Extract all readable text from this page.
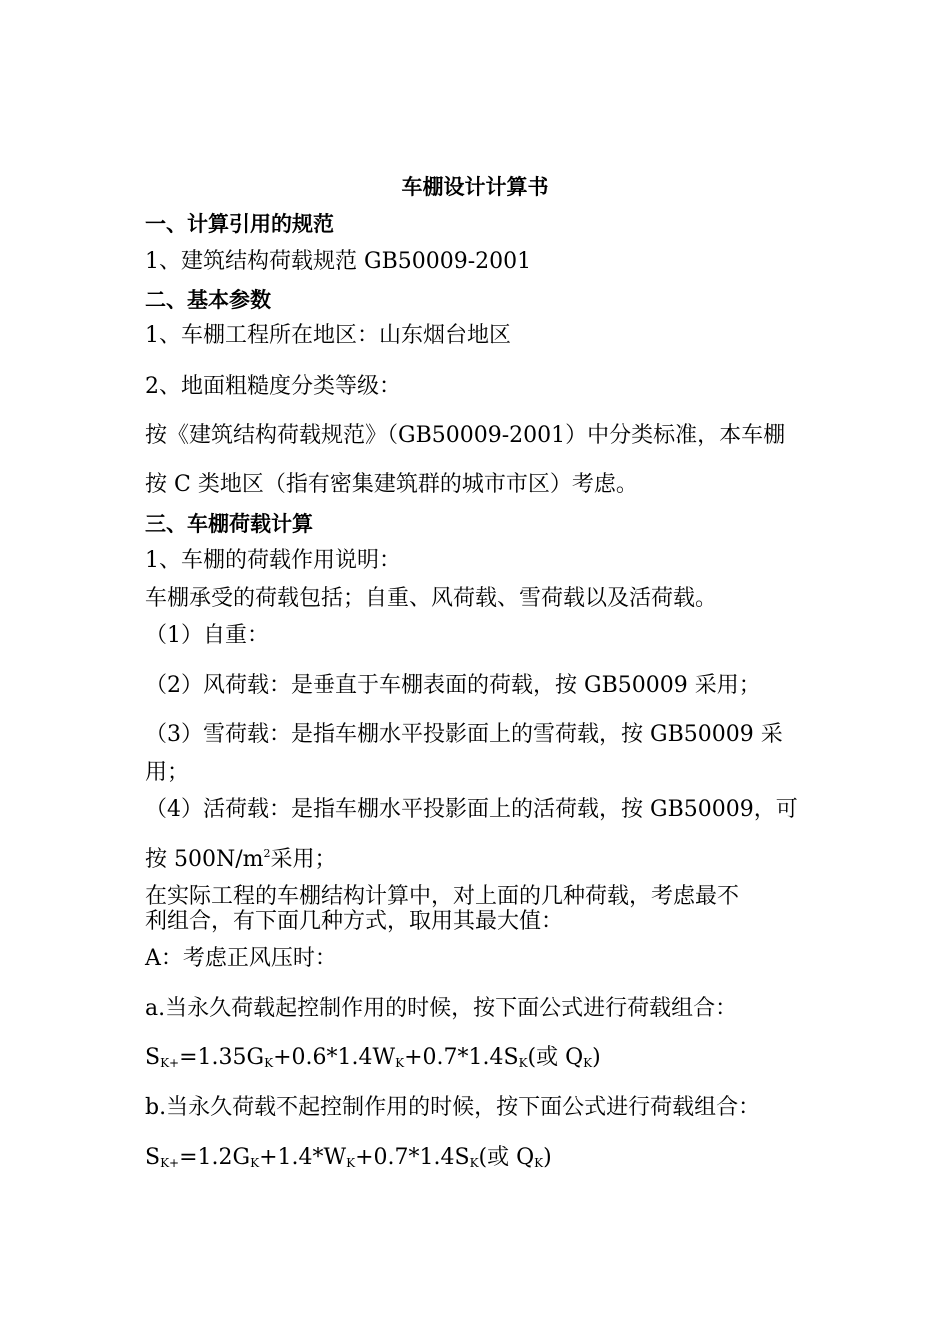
车棚设计计算书
一、计算引用的规范
1、建筑结构荷载规范 GB50009-2001
二、基本参数
1、车棚工程所在地区：山东烟台地区
2、地面粗糙度分类等级：
按《建筑结构荷载规范》（GB50009-2001）中分类标准，本车棚
按 C 类地区（指有密集建筑群的城市市区）考虑。
三、车棚荷载计算
1、车棚的荷载作用说明：
车棚承受的荷载包括；自重、风荷载、雪荷载以及活荷载。
（1）自重：
（2）风荷载：是垂直于车棚表面的荷载，按 GB50009 采用；
（3）雪荷载：是指车棚水平投影面上的雪荷载，按 GB50009 采
用；
（4）活荷载：是指车棚水平投影面上的活荷载，按 GB50009，可
按 $500N/m^2$采用；
在实际工程的车棚结构计算中，对上面的几种荷载，考虑最不
利组合，有下面几种方式，取用其最大值：
A：考虑正风压时：
a.当永久荷载起控制作用的时候，按下面公式进行荷载组合：
$S_{K+}=1.35G_K+0.6*1.4W_K+0.7*1.4S_K$(或 $Q_K$)
b.当永久荷载不起控制作用的时候，按下面公式进行荷载组合：
$S_{K+}=1.2G_K+1.4*W_K+0.7*1.4S_K$(或 $Q_K$)
